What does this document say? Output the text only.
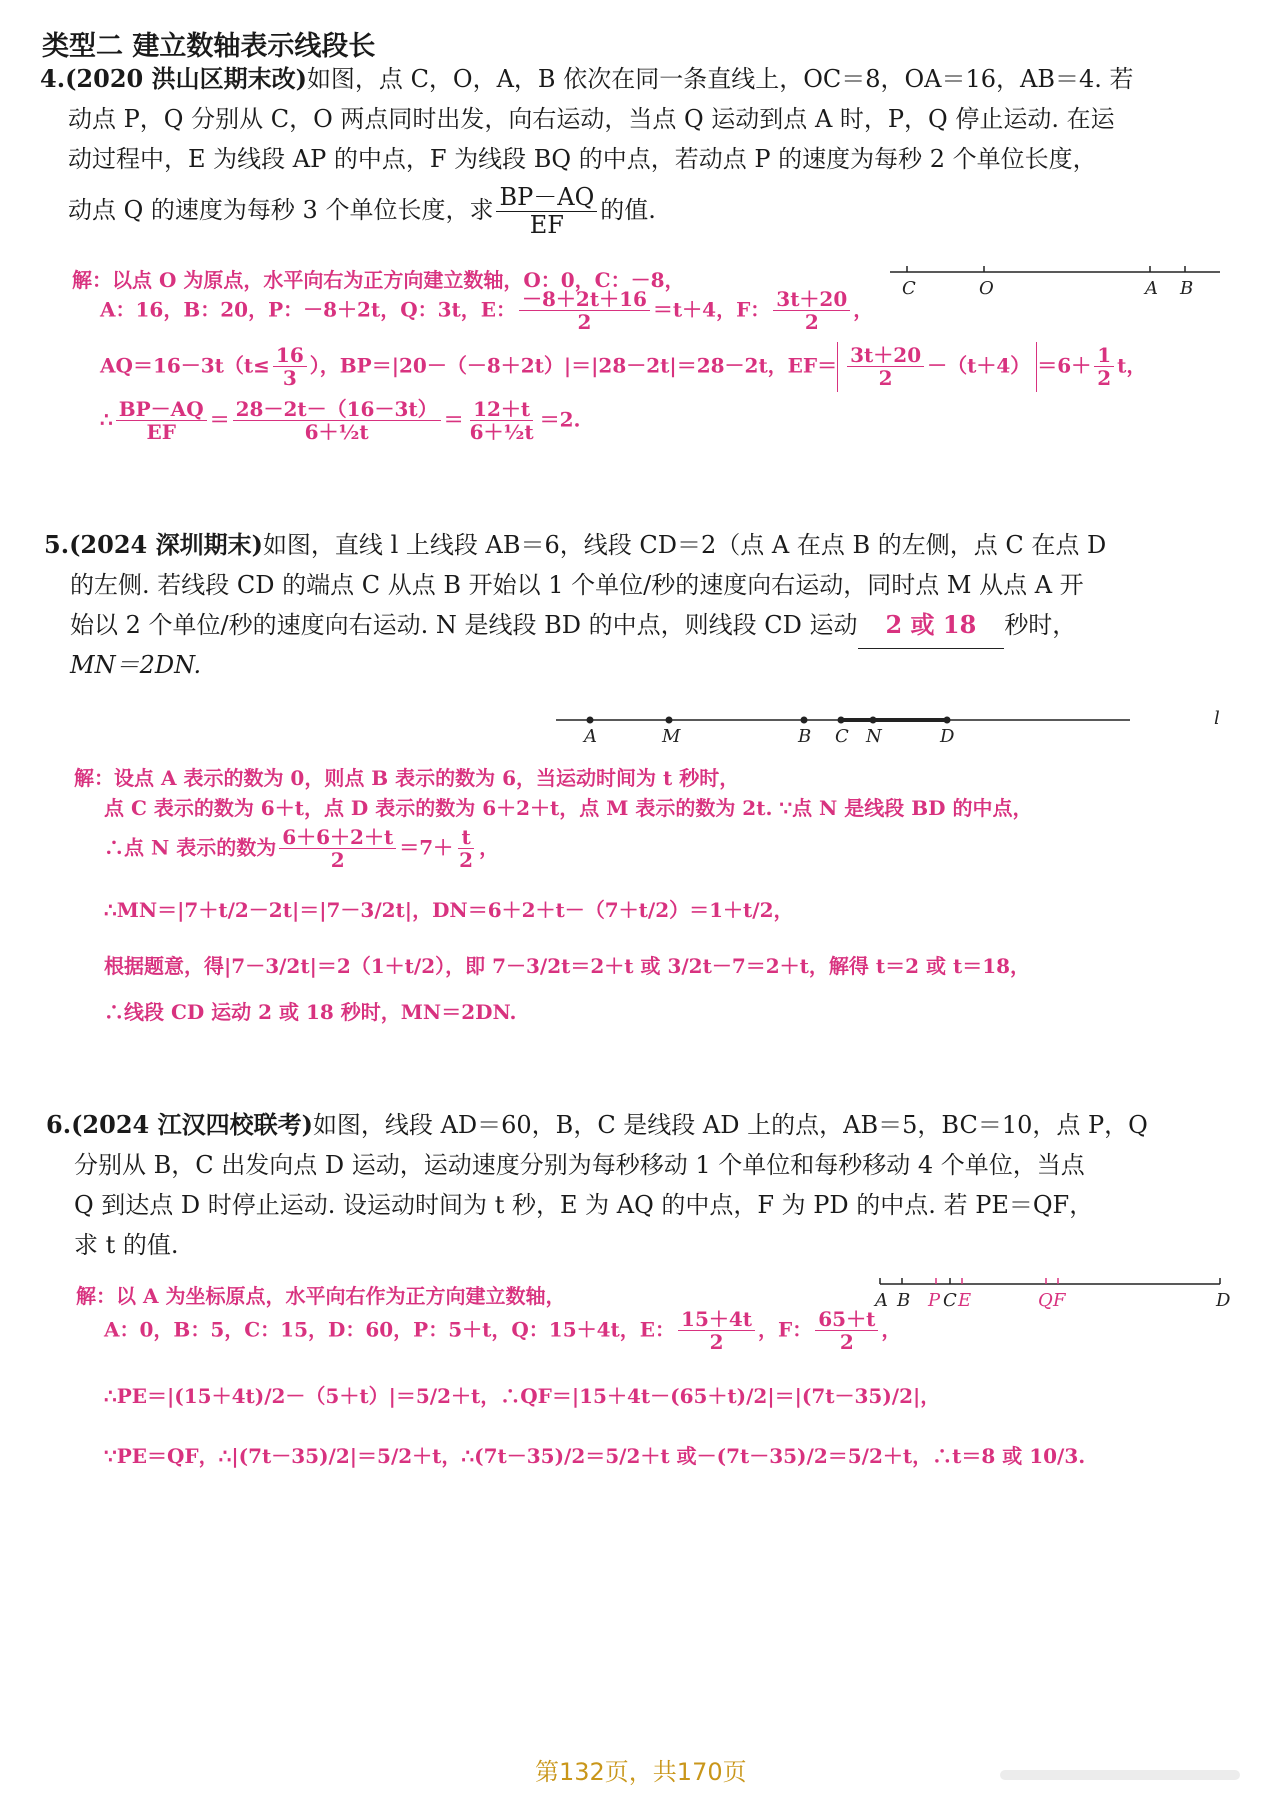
类型二 建立数轴表示线段长
4.(2020 洪山区期末改)如图，点 C，O，A，B 依次在同一条直线上，OC＝8，OA＝16，AB＝4. 若
动点 P，Q 分别从 C，O 两点同时出发，向右运动，当点 Q 运动到点 A 时，P，Q 停止运动. 在运
动过程中，E 为线段 AP 的中点，F 为线段 BQ 的中点，若动点 P 的速度为每秒 2 个单位长度，
动点 Q 的速度为每秒 3 个单位长度，求 $\frac{BP-AQ}{EF}$ 的值.
C	O	A B
解：以点 O 为原点，水平向右为正方向建立数轴，O：0，C：－8，
A：16，B：20，P：－8＋2t，Q：3t，E： $\frac{-8+2t+16}{2} =t+4$，F： $\frac{3t+20}{2}$ ，
$AQ=16-3t(t\le \frac{16}{3}$ ），BP＝|20－（－8＋2t）|＝|28－2t|＝28－2t，$EF= \frac{3t+20}{2} -(t+4) =6+ \frac{1}{2}$ t，
∴ $\frac{BP-AQ}{EF} = \frac{28-2t-(16-3t)}{\text{6＋½t}} = \frac{12+t}{\text{6＋½t}} =2$.
5.(2024 深圳期末)如图，直线 l 上线段 AB＝6，线段 CD＝2（点 A 在点 B 的左侧，点 C 在点 D
的左侧. 若线段 CD 的端点 C 从点 B 开始以 1 个单位/秒的速度向右运动，同时点 M 从点 A 开
始以 2 个单位/秒的速度向右运动. N 是线段 BD 的中点，则线段 CD 运动 2 或 18 秒时，
MN＝2DN.
A	M	B C N	D
l
解：设点 A 表示的数为 0，则点 B 表示的数为 6，当运动时间为 t 秒时，
点 C 表示的数为 6＋t，点 D 表示的数为 6＋2＋t，点 M 表示的数为 2t. ∵点 N 是线段 BD 的中点，
∴点 N 表示的数为 $\frac{6+6+2+t}{2} =7+ \frac{t}{2}$ ，
∴MN＝|7＋t/2－2t|＝|7－3/2t|，DN＝6＋2＋t－（7＋t/2）＝1＋t/2，
根据题意，得|7－3/2t|＝2（1＋t/2），即 7－3/2t＝2＋t 或 3/2t－7＝2＋t，解得 t＝2 或 t＝18，
∴线段 CD 运动 2 或 18 秒时，MN＝2DN.
6.(2024 江汉四校联考)如图，线段 AD＝60，B，C 是线段 AD 上的点，AB＝5，BC＝10，点 P，Q
分别从 B，C 出发向点 D 运动，运动速度分别为每秒移动 1 个单位和每秒移动 4 个单位，当点
Q 到达点 D 时停止运动. 设运动时间为 t 秒，E 为 AQ 的中点，F 为 PD 的中点. 若 PE＝QF，
求 t 的值.
A B P C E	Q F	D
解：以 A 为坐标原点，水平向右作为正方向建立数轴，
A：0，B：5，C：15，D：60，P：5＋t，Q：15＋4t，E： $\frac{15+4t}{2}$ ，F： $\frac{65+t}{2}$ ，
∴PE＝|(15＋4t)/2－（5＋t）|＝5/2＋t，∴QF＝|15＋4t－(65＋t)/2|＝|(7t－35)/2|，
∵PE＝QF，∴|(7t－35)/2|＝5/2＋t，∴(7t－35)/2＝5/2＋t 或－(7t－35)/2＝5/2＋t，∴t＝8 或 10/3.
第132页，共170页
